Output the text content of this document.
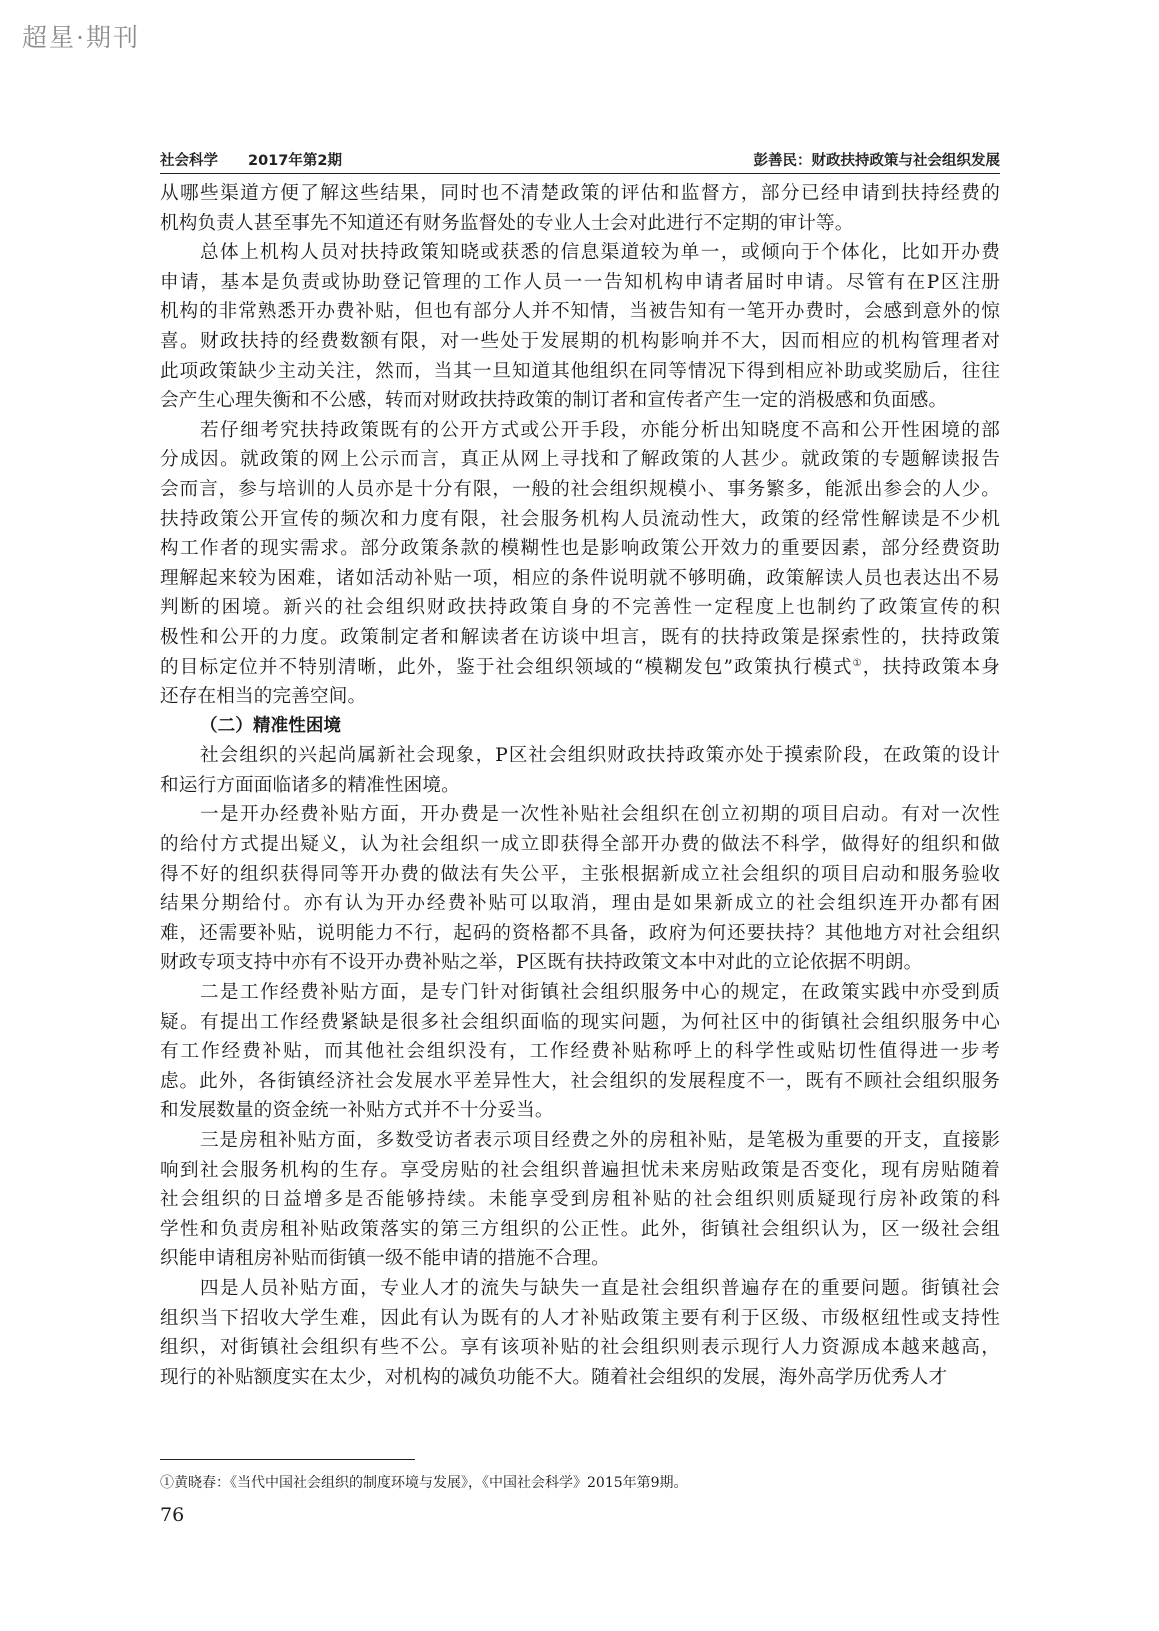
超星·期刊
社会科学 2017年第2期	彭善民：财政扶持政策与社会组织发展

从哪些渠道方便了解这些结果，同时也不清楚政策的评估和监督方，部分已经申请到扶持经费的

机构负责人甚至事先不知道还有财务监督处的专业人士会对此进行不定期的审计等。

总体上机构人员对扶持政策知晓或获悉的信息渠道较为单一，或倾向于个体化，比如开办费

申请，基本是负责或协助登记管理的工作人员一一告知机构申请者届时申请。尽管有在P区注册

机构的非常熟悉开办费补贴，但也有部分人并不知情，当被告知有一笔开办费时，会感到意外的惊

喜。财政扶持的经费数额有限，对一些处于发展期的机构影响并不大，因而相应的机构管理者对

此项政策缺少主动关注，然而，当其一旦知道其他组织在同等情况下得到相应补助或奖励后，往往

会产生心理失衡和不公感，转而对财政扶持政策的制订者和宣传者产生一定的消极感和负面感。

若仔细考究扶持政策既有的公开方式或公开手段，亦能分析出知晓度不高和公开性困境的部

分成因。就政策的网上公示而言，真正从网上寻找和了解政策的人甚少。就政策的专题解读报告

会而言，参与培训的人员亦是十分有限，一般的社会组织规模小、事务繁多，能派出参会的人少。

扶持政策公开宣传的频次和力度有限，社会服务机构人员流动性大，政策的经常性解读是不少机

构工作者的现实需求。部分政策条款的模糊性也是影响政策公开效力的重要因素，部分经费资助

理解起来较为困难，诸如活动补贴一项，相应的条件说明就不够明确，政策解读人员也表达出不易

判断的困境。新兴的社会组织财政扶持政策自身的不完善性一定程度上也制约了政策宣传的积

极性和公开的力度。政策制定者和解读者在访谈中坦言，既有的扶持政策是探索性的，扶持政策

的目标定位并不特别清晰，此外，鉴于社会组织领域的“模糊发包”政策执行模式①，扶持政策本身

还存在相当的完善空间。

（二）精准性困境

社会组织的兴起尚属新社会现象，P区社会组织财政扶持政策亦处于摸索阶段，在政策的设计

和运行方面面临诸多的精准性困境。

一是开办经费补贴方面，开办费是一次性补贴社会组织在创立初期的项目启动。有对一次性

的给付方式提出疑义，认为社会组织一成立即获得全部开办费的做法不科学，做得好的组织和做

得不好的组织获得同等开办费的做法有失公平，主张根据新成立社会组织的项目启动和服务验收

结果分期给付。亦有认为开办经费补贴可以取消，理由是如果新成立的社会组织连开办都有困

难，还需要补贴，说明能力不行，起码的资格都不具备，政府为何还要扶持？其他地方对社会组织

财政专项支持中亦有不设开办费补贴之举，P区既有扶持政策文本中对此的立论依据不明朗。

二是工作经费补贴方面，是专门针对街镇社会组织服务中心的规定，在政策实践中亦受到质

疑。有提出工作经费紧缺是很多社会组织面临的现实问题，为何社区中的街镇社会组织服务中心

有工作经费补贴，而其他社会组织没有，工作经费补贴称呼上的科学性或贴切性值得进一步考

虑。此外，各街镇经济社会发展水平差异性大，社会组织的发展程度不一，既有不顾社会组织服务

和发展数量的资金统一补贴方式并不十分妥当。

三是房租补贴方面，多数受访者表示项目经费之外的房租补贴，是笔极为重要的开支，直接影

响到社会服务机构的生存。享受房贴的社会组织普遍担忧未来房贴政策是否变化，现有房贴随着

社会组织的日益增多是否能够持续。未能享受到房租补贴的社会组织则质疑现行房补政策的科

学性和负责房租补贴政策落实的第三方组织的公正性。此外，街镇社会组织认为，区一级社会组

织能申请租房补贴而街镇一级不能申请的措施不合理。

四是人员补贴方面，专业人才的流失与缺失一直是社会组织普遍存在的重要问题。街镇社会

组织当下招收大学生难，因此有认为既有的人才补贴政策主要有利于区级、市级枢纽性或支持性

组织，对街镇社会组织有些不公。享有该项补贴的社会组织则表示现行人力资源成本越来越高，

现行的补贴额度实在太少，对机构的减负功能不大。随着社会组织的发展，海外高学历优秀人才

①黄晓春：《当代中国社会组织的制度环境与发展》，《中国社会科学》2015年第9期。
76
